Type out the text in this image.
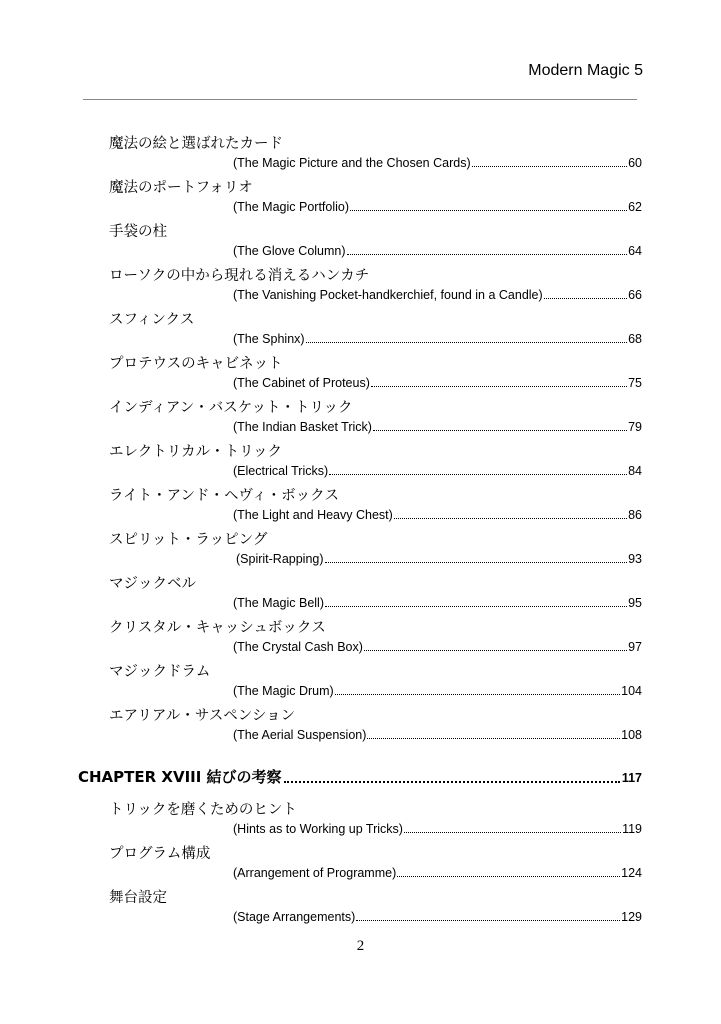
Modern Magic 5
魔法の絵と選ばれたカード
(The Magic Picture and the Chosen Cards)	60
魔法のポートフォリオ
(The Magic Portfolio)	62
手袋の柱
(The Glove Column)	64
ローソクの中から現れる消えるハンカチ
(The Vanishing Pocket-handkerchief, found in a Candle)	66
スフィンクス
(The Sphinx)	68
プロテウスのキャビネット
(The Cabinet of Proteus)	75
インディアン・バスケット・トリック
(The Indian Basket Trick)	79
エレクトリカル・トリック
(Electrical Tricks)	84
ライト・アンド・ヘヴィ・ボックス
(The Light and Heavy Chest)	86
スピリット・ラッピング
(Spirit-Rapping)	93
マジックベル
(The Magic Bell)	95
クリスタル・キャッシュボックス
(The Crystal Cash Box)	97
マジックドラム
(The Magic Drum)	104
エアリアル・サスペンション
(The Aerial Suspension)	108
CHAPTER XVIII 結びの考察	117
トリックを磨くためのヒント
(Hints as to Working up Tricks)	119
プログラム構成
(Arrangement of Programme)	124
舞台設定
(Stage Arrangements)	129
2
